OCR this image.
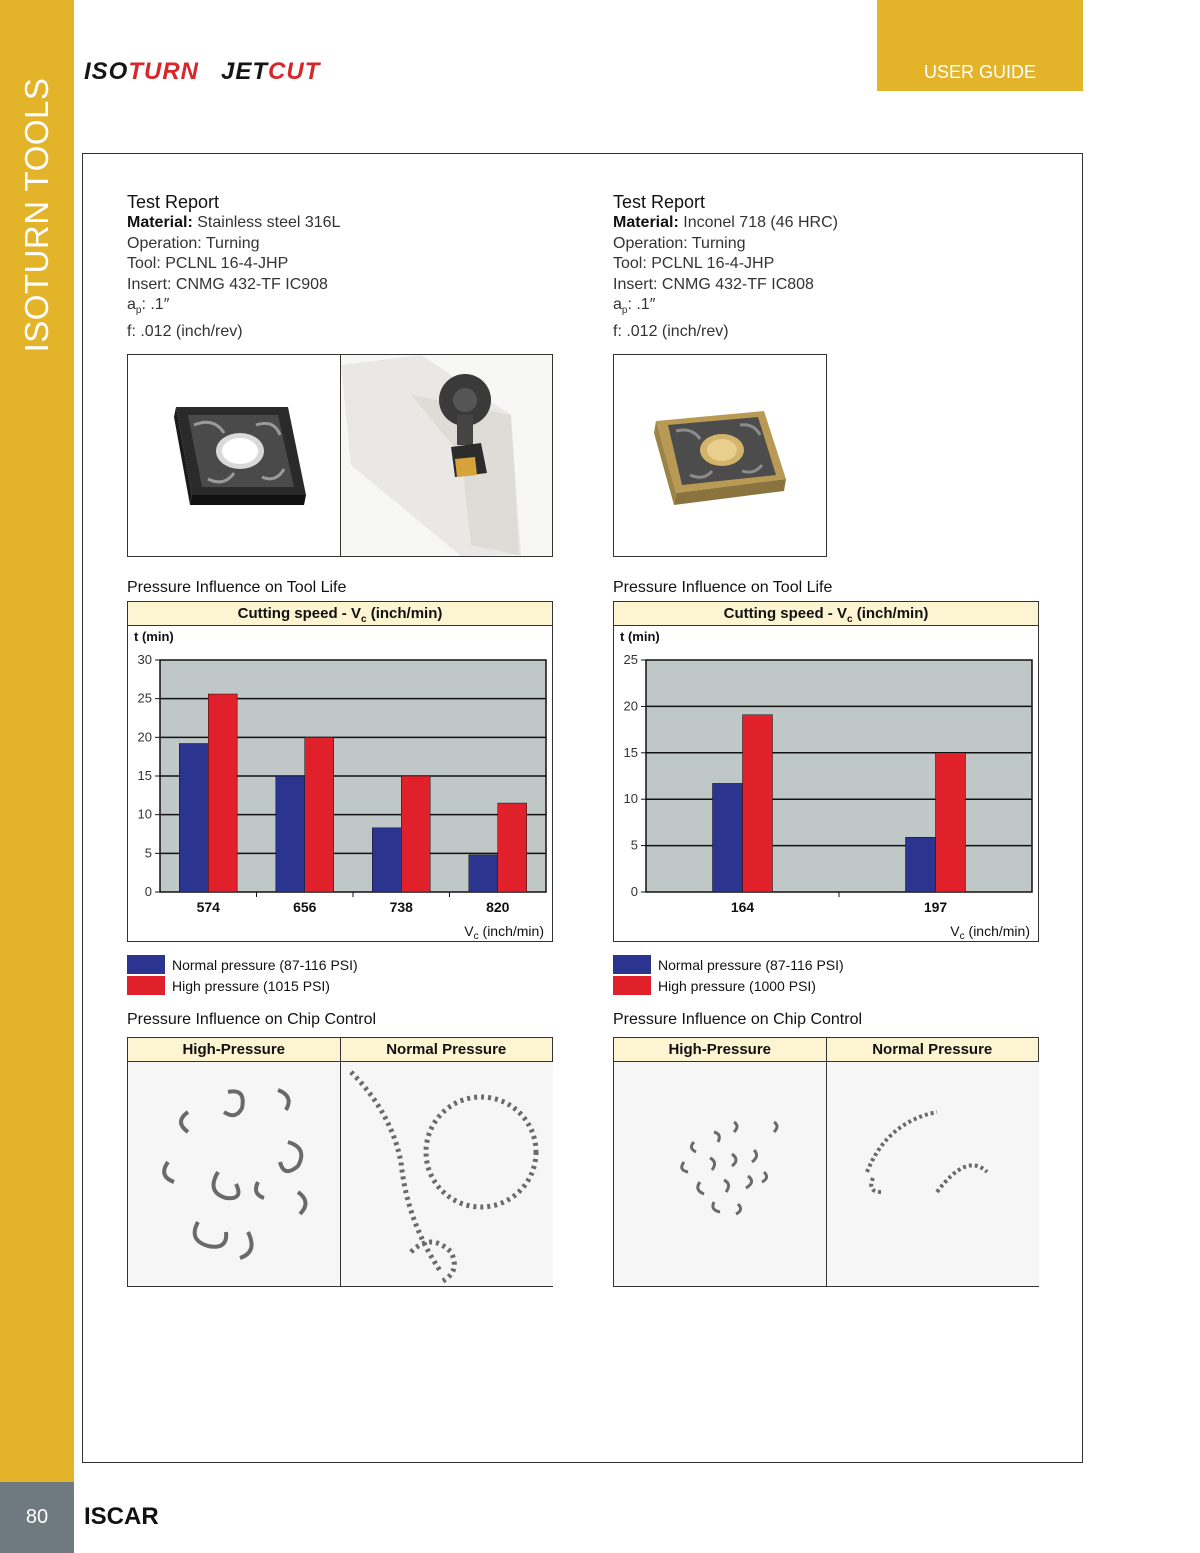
ISOTURN TOOLS
80	ISCAR
ISOTURN JETCUT	USER GUIDE
Test Report
Material: Stainless steel 316L
Operation: Turning
Tool: PCLNL 16-4-JHP
Insert: CNMG 432-TF IC908
$a_p$: .1″
f: .012 (inch/rev)
Pressure Influence on Tool Life
Cutting speed - $V_c$ (inch/min)
t (min)
0
5
10
15
20
25
30
574	656	738	820
$V_c$ (inch/min)
Normal pressure (87-116 PSI)
High pressure (1015 PSI)
Pressure Influence on Chip Control
High-Pressure	Normal Pressure
Test Report
Material: Inconel 718 (46 HRC)
Operation: Turning
Tool: PCLNL 16-4-JHP
Insert: CNMG 432-TF IC808
$a_p$: .1″
f: .012 (inch/rev)
Pressure Influence on Tool Life
Cutting speed - $V_c$ (inch/min)
t (min)
0
5
10
15
20
25
164	197
$V_c$ (inch/min)
Normal pressure (87-116 PSI)
High pressure (1000 PSI)
Pressure Influence on Chip Control
High-Pressure	Normal Pressure
